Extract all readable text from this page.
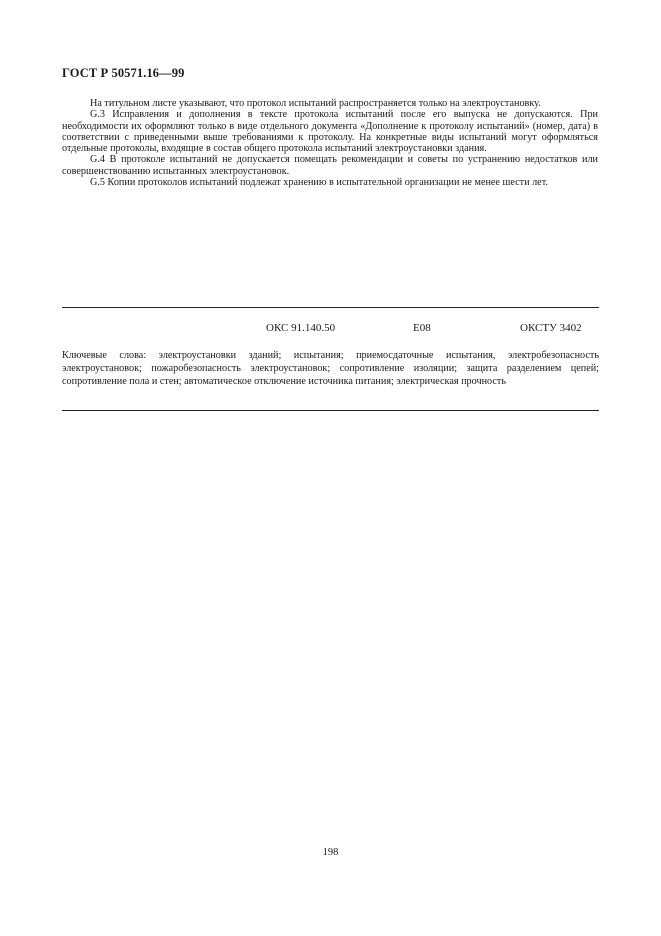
ГОСТ Р 50571.16—99

На титульном листе указывают, что протокол испытаний распространяется только на электроустановку.

G.3 Исправления и дополнения в тексте протокола испытаний после его выпуска не допускаются. При необходимости их оформляют только в виде отдельного документа «Дополнение к протоколу испытаний» (номер, дата) в соответствии с приведенными выше требованиями к протоколу. На конкретные виды испытаний могут оформляться отдельные протоколы, входящие в состав общего протокола испытаний электроустановки здания.

G.4 В протоколе испытаний не допускается помещать рекомендации и советы по устранению недостатков или совершенствованию испытанных электроустановок.

G.5 Копии протоколов испытаний подлежат хранению в испытательной организации не менее шести лет.

ОКС 91.140.50	Е08	ОКСТУ 3402
Ключевые слова: электроустановки зданий; испытания; приемосдаточные испытания, электробезопасность электроустановок; пожаробезопасность электроустановок; сопротивление изоляции; защита разделением цепей; сопротивление пола и стен; автоматическое отключение источника питания; электрическая прочность
198
